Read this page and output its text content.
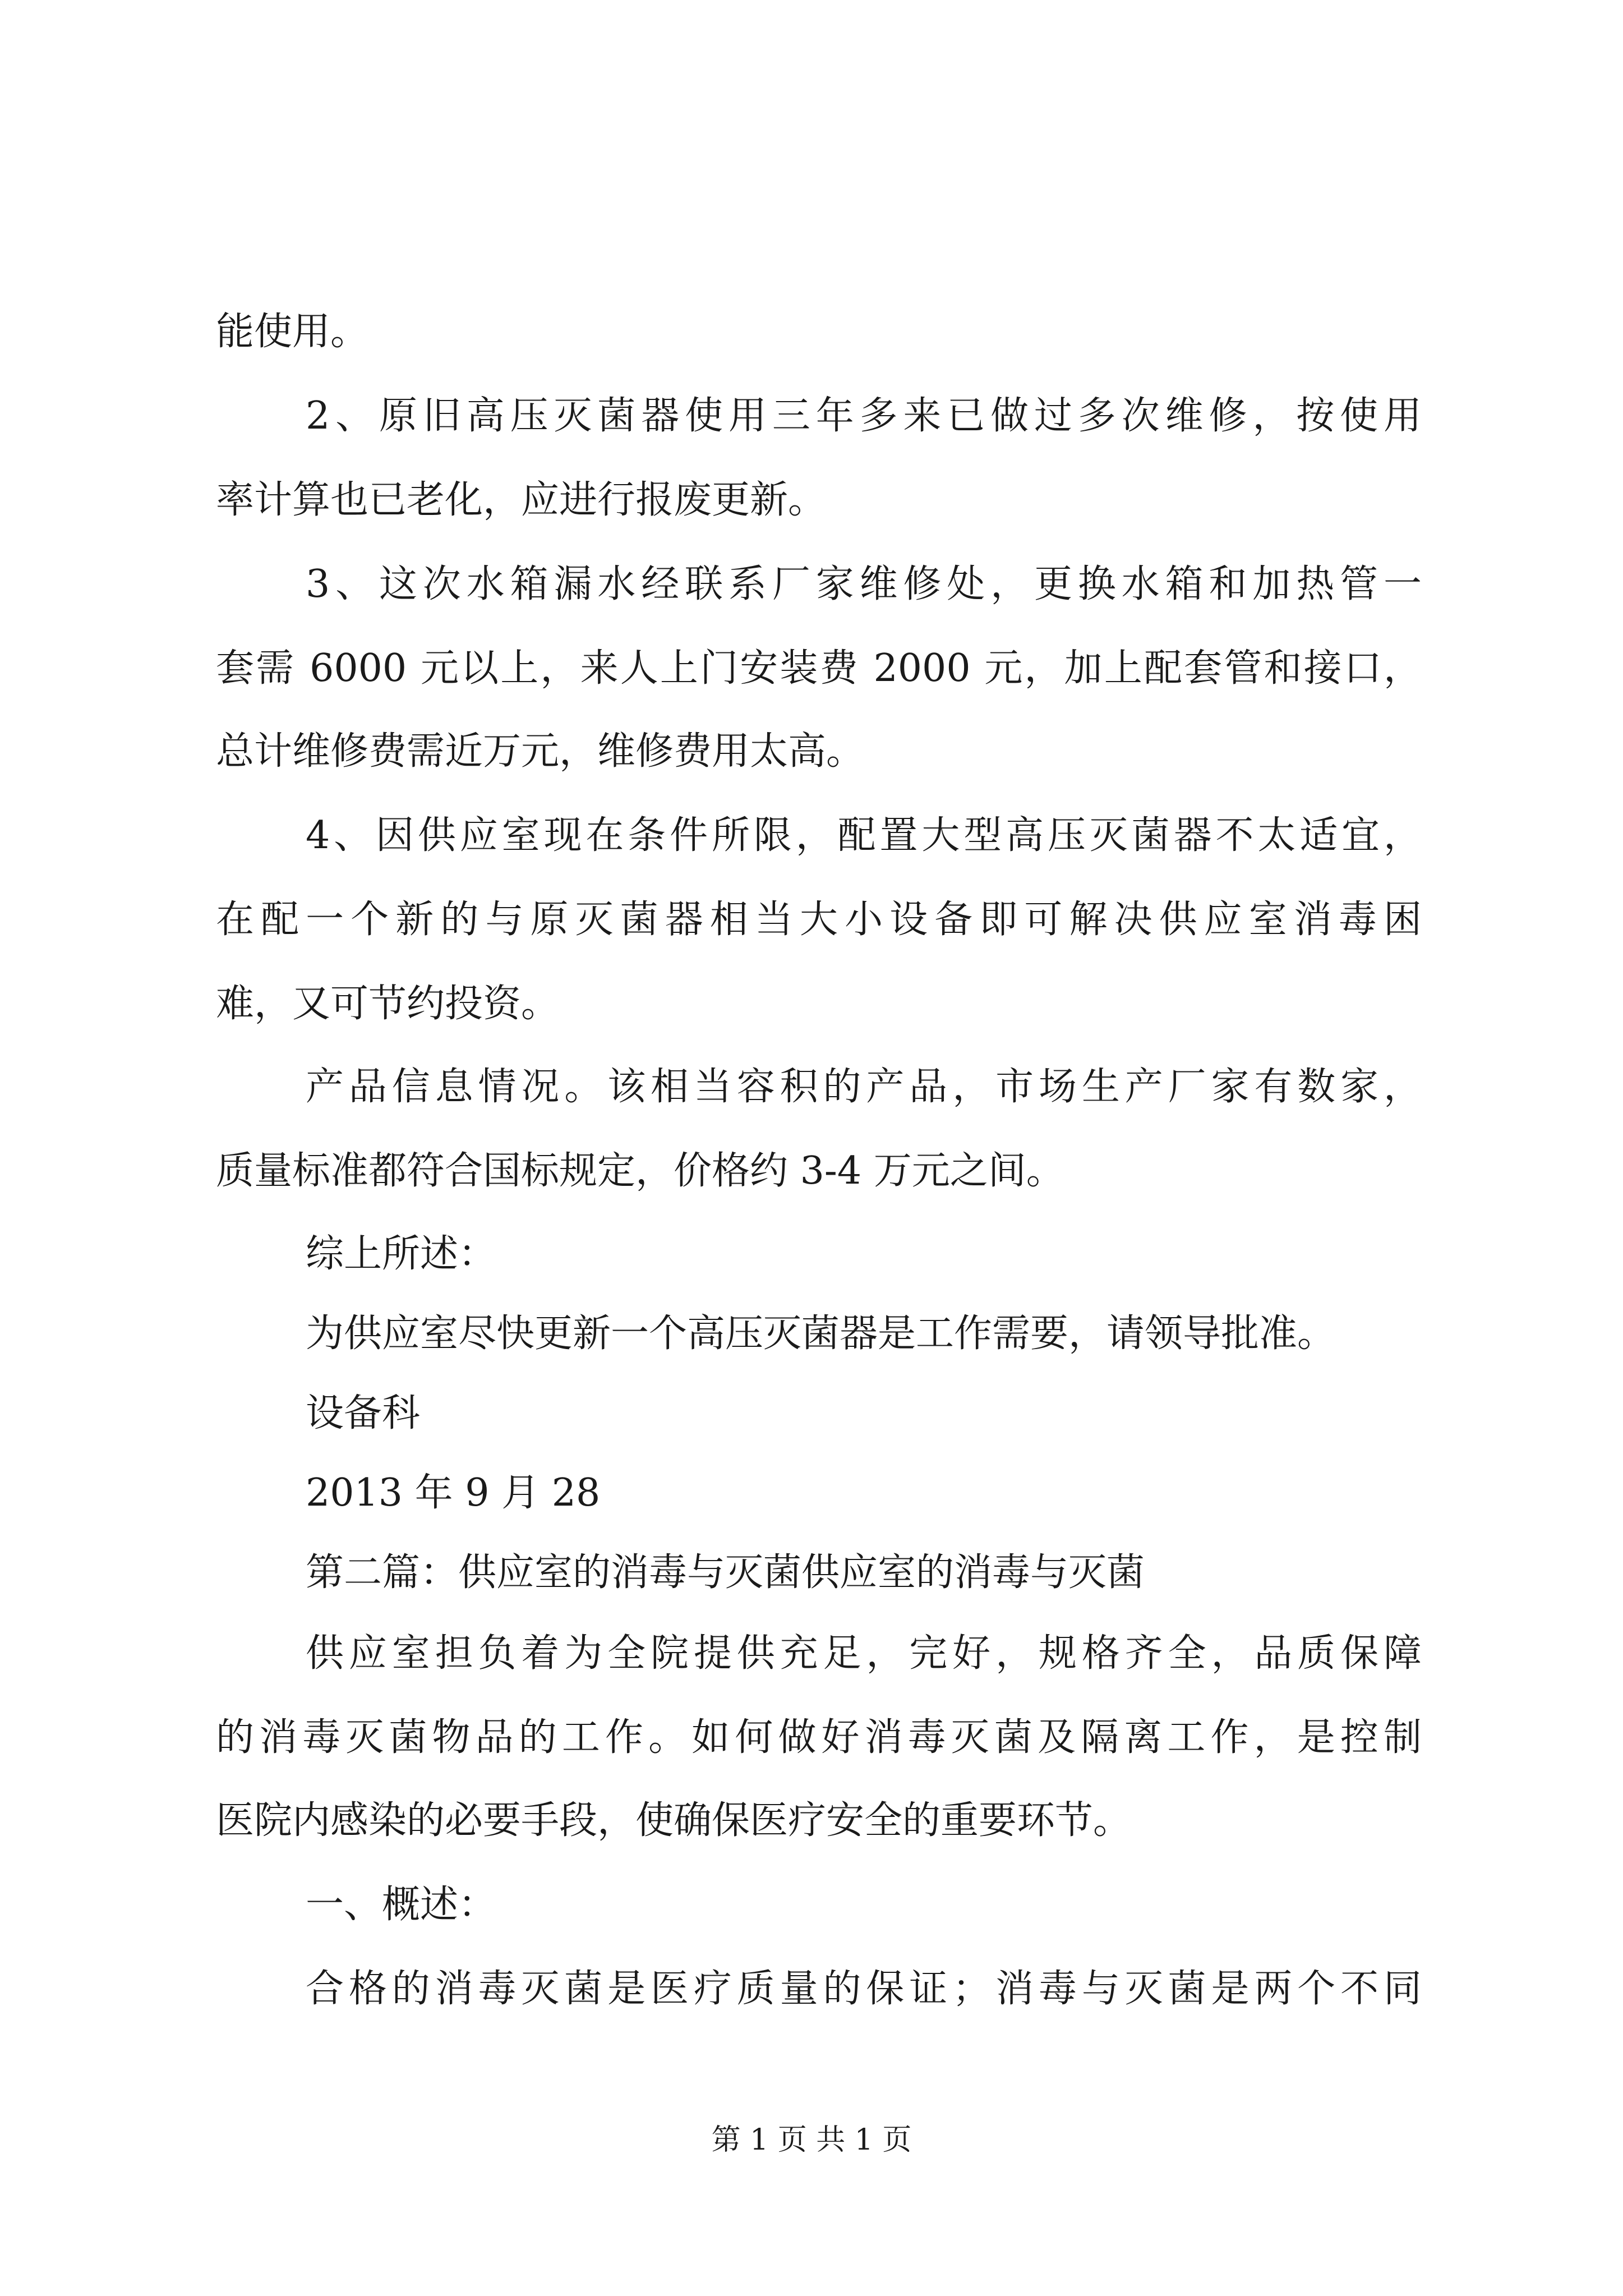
能使用。
2、原旧高压灭菌器使用三年多来已做过多次维修，按使用
率计算也已老化，应进行报废更新。
3、这次水箱漏水经联系厂家维修处，更换水箱和加热管一
套需 6000 元以上，来人上门安装费 2000 元，加上配套管和接口，
总计维修费需近万元，维修费用太高。
4、因供应室现在条件所限，配置大型高压灭菌器不太适宜，
在配一个新的与原灭菌器相当大小设备即可解决供应室消毒困
难，又可节约投资。
产品信息情况。该相当容积的产品，市场生产厂家有数家，
质量标准都符合国标规定，价格约 3-4 万元之间。
综上所述：
为供应室尽快更新一个高压灭菌器是工作需要，请领导批准。
设备科
2013 年 9 月 28
第二篇：供应室的消毒与灭菌供应室的消毒与灭菌
供应室担负着为全院提供充足，完好，规格齐全，品质保障
的消毒灭菌物品的工作。如何做好消毒灭菌及隔离工作，是控制
医院内感染的必要手段，使确保医疗安全的重要环节。
一、概述：
合格的消毒灭菌是医疗质量的保证；消毒与灭菌是两个不同
第 1 页 共 1 页
